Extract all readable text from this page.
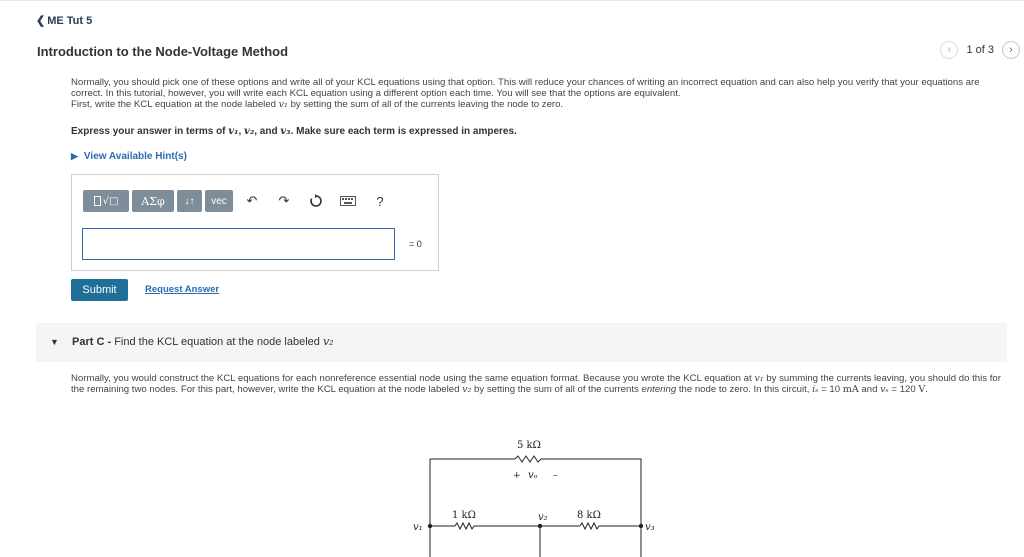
❮ ME Tut 5
Introduction to the Node-Voltage Method	‹ 1 of 3 ›
Normally, you should pick one of these options and write all of your KCL equations using that option. This will reduce your chances of writing an incorrect equation and can also help you verify that your equations are correct. In this tutorial, however, you will write each KCL equation using a different option each time. You will see that the options are equivalent.
First, write the KCL equation at the node labeled v₁ by setting the sum of all of the currents leaving the node to zero.
Express your answer in terms of v₁, v₂, and v₃. Make sure each term is expressed in amperes.
▶ View Available Hint(s)
√□	AΣφ	↓↑	vec	↶ ↷	?
= 0
Submit	Request Answer
▼ Part C - Find the KCL equation at the node labeled v₂
Normally, you would construct the KCL equations for each nonreference essential node using the same equation format. Because you wrote the KCL equation at v₁ by summing the currents leaving, you should do this for the remaining two nodes. For this part, however, write the KCL equation at the node labeled v₂ by setting the sum of all of the currents entering the node to zero. In this circuit, iₛ = 10 mA and vₛ = 120 V.
5 kΩ
+ vₒ –
1 kΩ	8 kΩ
v₁
v₂
v₃
